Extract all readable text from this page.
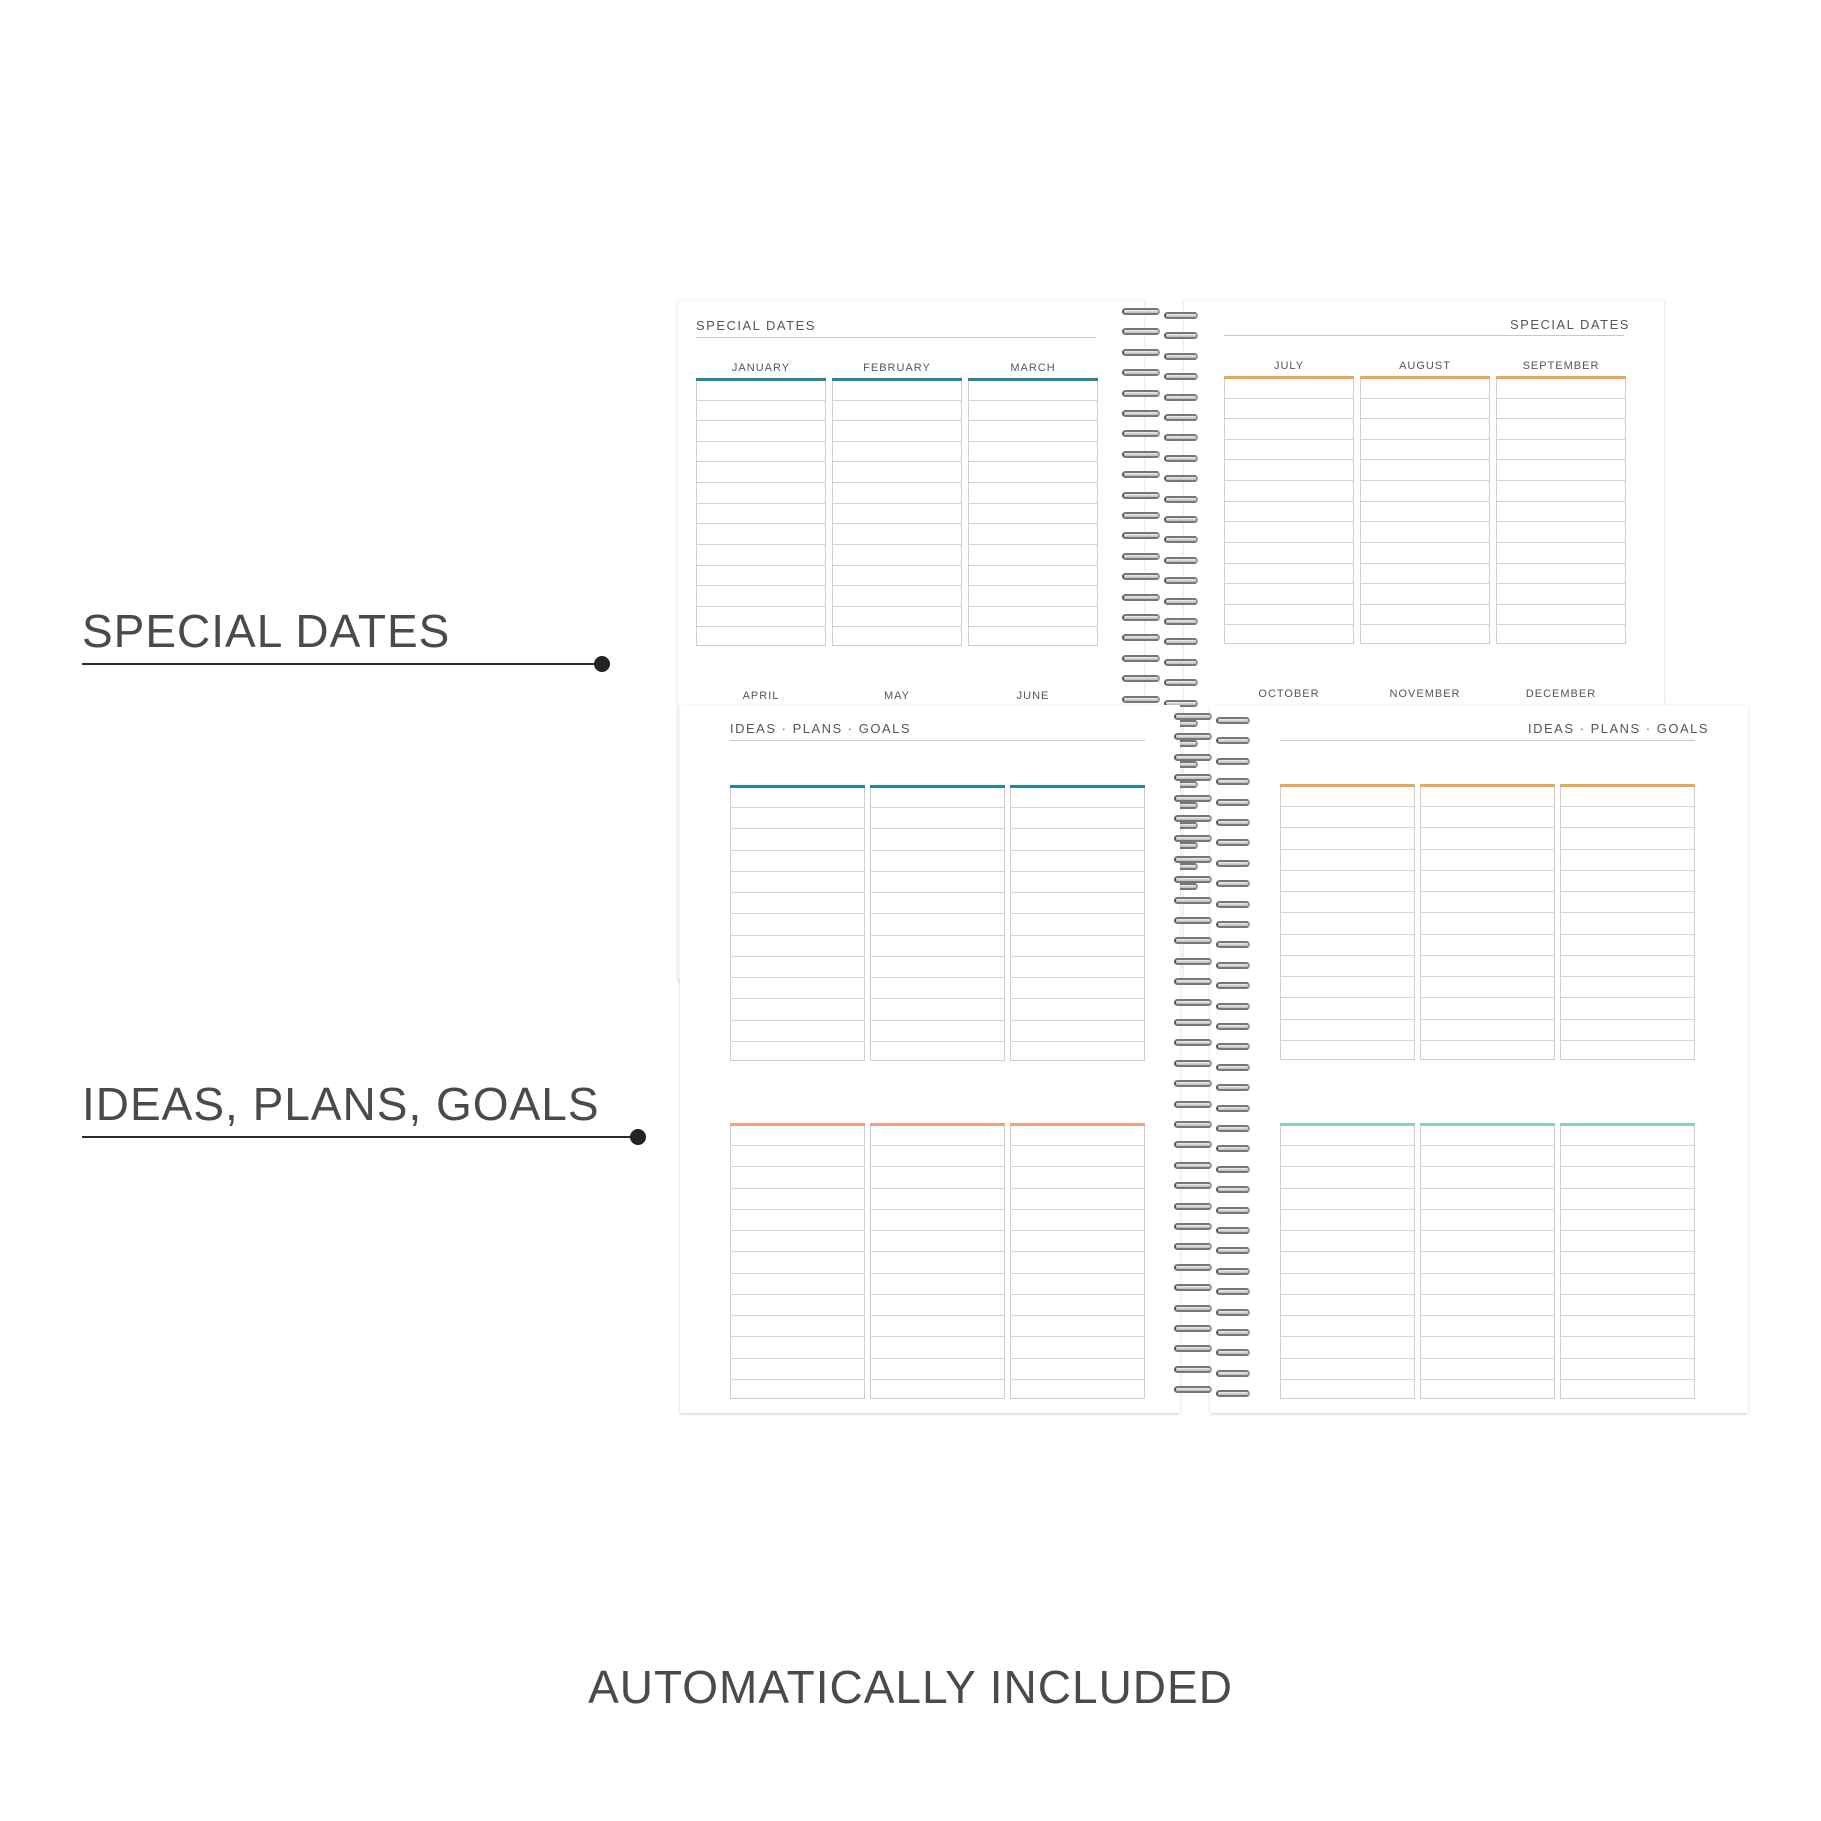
SPECIAL DATES
IDEAS, PLANS, GOALS
SPECIAL DATES	SPECIAL DATES
JANUARY
APRIL
FEBRUARY
MAY
MARCH
JUNE
JULY
OCTOBER
AUGUST
NOVEMBER
SEPTEMBER
DECEMBER
IDEAS · PLANS · GOALS	IDEAS · PLANS · GOALS
AUTOMATICALLY INCLUDED
